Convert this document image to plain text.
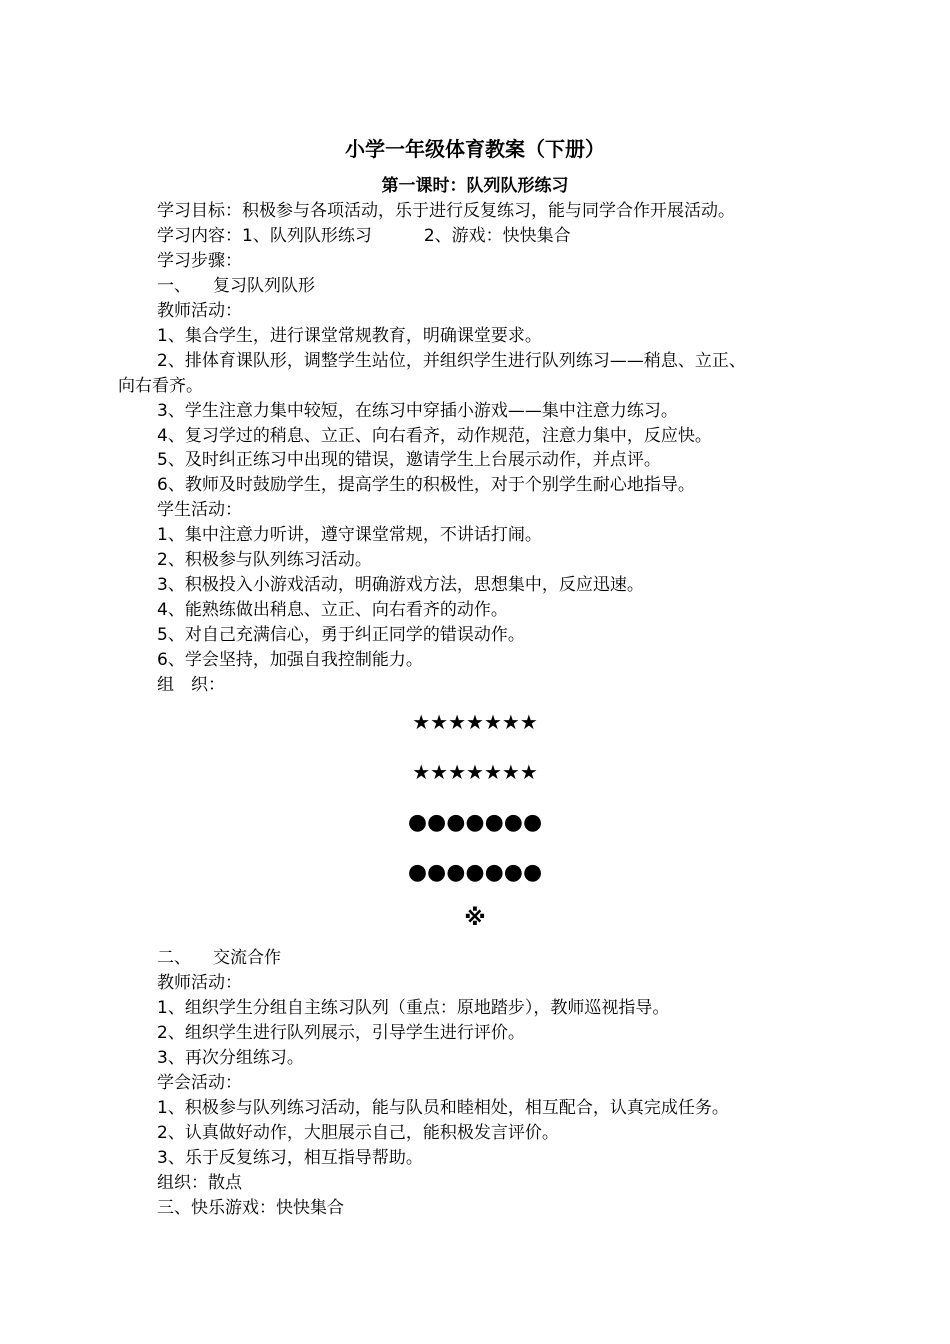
小学一年级体育教案（下册）
第一课时：队列队形练习
学习目标：积极参与各项活动，乐于进行反复练习，能与同学合作开展活动。
学习内容：1、队列队形练习	2、游戏：快快集合
学习步骤：
一、 复习队列队形
教师活动：
1、集合学生，进行课堂常规教育，明确课堂要求。
2、排体育课队形，调整学生站位，并组织学生进行队列练习——稍息、立正、
向右看齐。
3、学生注意力集中较短，在练习中穿插小游戏——集中注意力练习。
4、复习学过的稍息、立正、向右看齐，动作规范，注意力集中，反应快。
5、及时纠正练习中出现的错误，邀请学生上台展示动作，并点评。
6、教师及时鼓励学生，提高学生的积极性，对于个别学生耐心地指导。
学生活动：
1、集中注意力听讲，遵守课堂常规，不讲话打闹。
2、积极参与队列练习活动。
3、积极投入小游戏活动，明确游戏方法，思想集中，反应迅速。
4、能熟练做出稍息、立正、向右看齐的动作。
5、对自己充满信心，勇于纠正同学的错误动作。
6、学会坚持，加强自我控制能力。
组　织：
★★★★★★★
★★★★★★★
●●●●●●●
●●●●●●●
※
二、 交流合作
教师活动：
1、组织学生分组自主练习队列（重点：原地踏步），教师巡视指导。
2、组织学生进行队列展示，引导学生进行评价。
3、再次分组练习。
学会活动：
1、积极参与队列练习活动，能与队员和睦相处，相互配合，认真完成任务。
2、认真做好动作，大胆展示自己，能积极发言评价。
3、乐于反复练习，相互指导帮助。
组织：散点
三、快乐游戏：快快集合
